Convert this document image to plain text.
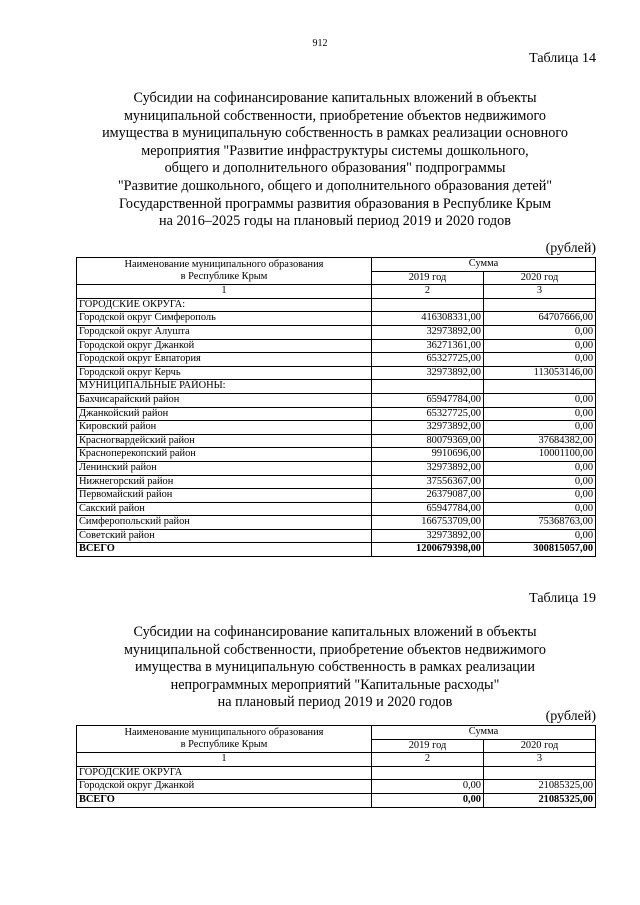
912
Таблица 14
Субсидии на софинансирование капитальных вложений в объекты
муниципальной собственности, приобретение объектов недвижимого
имущества в муниципальную собственность в рамках реализации основного
мероприятия "Развитие инфраструктуры системы дошкольного,
общего и дополнительного образования" подпрограммы
"Развитие дошкольного, общего и дополнительного образования детей"
Государственной программы развития образования в Республике Крым
на 2016–2025 годы на плановый период 2019 и 2020 годов
(рублей)
Наименование муниципального образования
в Республике Крым	Сумма	
	2019 год	2020 год
1	2	3
ГОРОДСКИЕ ОКРУГА:		
Городской округ Симферополь	416308331,00	64707666,00
Городской округ Алушта	32973892,00	0,00
Городской округ Джанкой	36271361,00	0,00
Городской округ Евпатория	65327725,00	0,00
Городской округ Керчь	32973892,00	113053146,00
МУНИЦИПАЛЬНЫЕ РАЙОНЫ:		
Бахчисарайский район	65947784,00	0,00
Джанкойский район	65327725,00	0,00
Кировский район	32973892,00	0,00
Красногвардейский район	80079369,00	37684382,00
Красноперекопский район	9910696,00	10001100,00
Ленинский район	32973892,00	0,00
Нижнегорский район	37556367,00	0,00
Первомайский район	26379087,00	0,00
Сакский район	65947784,00	0,00
Симферопольский район	166753709,00	75368763,00
Советский район	32973892,00	0,00
ВСЕГО	1200679398,00	300815057,00
Таблица 19
Субсидии на софинансирование капитальных вложений в объекты
муниципальной собственности, приобретение объектов недвижимого
имущества в муниципальную собственность в рамках реализации
непрограммных мероприятий "Капитальные расходы"
на плановый период 2019 и 2020 годов
(рублей)
Наименование муниципального образования
в Республике Крым	Сумма	
	2019 год	2020 год
1	2	3
ГОРОДСКИЕ ОКРУГА		
Городской округ Джанкой	0,00	21085325,00
ВСЕГО	0,00	21085325,00
